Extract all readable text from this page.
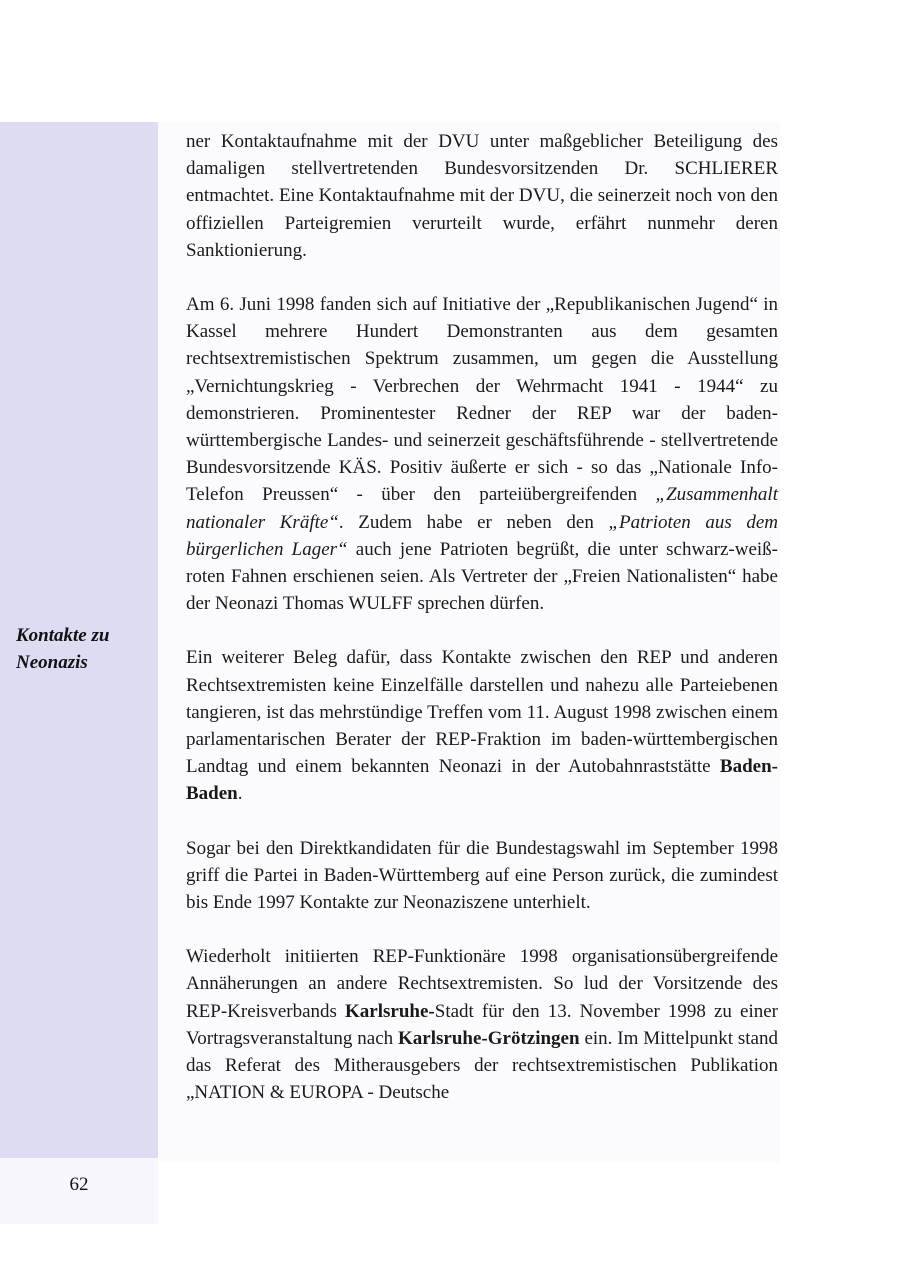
Kontakte zu
Neonazis
62

ner Kontaktaufnahme mit der DVU unter maßgeblicher Beteiligung des damaligen stellvertretenden Bundesvorsitzenden Dr. SCHLIERER entmachtet. Eine Kontaktaufnahme mit der DVU, die seinerzeit noch von den offiziellen Parteigremien verurteilt wurde, erfährt nunmehr deren Sanktionierung.

Am 6. Juni 1998 fanden sich auf Initiative der „Republikanischen Jugend“ in Kassel mehrere Hundert Demonstranten aus dem gesamten rechtsextremistischen Spektrum zusammen, um gegen die Ausstellung „Vernichtungskrieg - Verbrechen der Wehrmacht 1941 - 1944“ zu demonstrieren. Prominentester Redner der REP war der baden-württembergische Landes- und seinerzeit geschäftsführende - stellvertretende Bundesvorsitzende KÄS. Positiv äußerte er sich - so das „Nationale Info-Telefon Preussen“ - über den parteiübergreifenden „Zusammenhalt nationaler Kräfte“. Zudem habe er neben den „Patrioten aus dem bürgerlichen Lager“ auch jene Patrioten begrüßt, die unter schwarz-weiß-roten Fahnen erschienen seien. Als Vertreter der „Freien Nationalisten“ habe der Neonazi Thomas WULFF sprechen dürfen.

Ein weiterer Beleg dafür, dass Kontakte zwischen den REP und anderen Rechtsextremisten keine Einzelfälle darstellen und nahezu alle Parteiebenen tangieren, ist das mehrstündige Treffen vom 11. August 1998 zwischen einem parlamentarischen Berater der REP-Fraktion im baden-württembergischen Landtag und einem bekannten Neonazi in der Autobahnraststätte Baden-Baden.

Sogar bei den Direktkandidaten für die Bundestagswahl im September 1998 griff die Partei in Baden-Württemberg auf eine Person zurück, die zumindest bis Ende 1997 Kontakte zur Neonaziszene unterhielt.

Wiederholt initiierten REP-Funktionäre 1998 organisationsübergreifende Annäherungen an andere Rechtsextremisten. So lud der Vorsitzende des REP-Kreisverbands Karlsruhe-Stadt für den 13. November 1998 zu einer Vortragsveranstaltung nach Karlsruhe-Grötzingen ein. Im Mittelpunkt stand das Referat des Mitherausgebers der rechtsextremistischen Publikation „NATION & EUROPA - Deutsche
